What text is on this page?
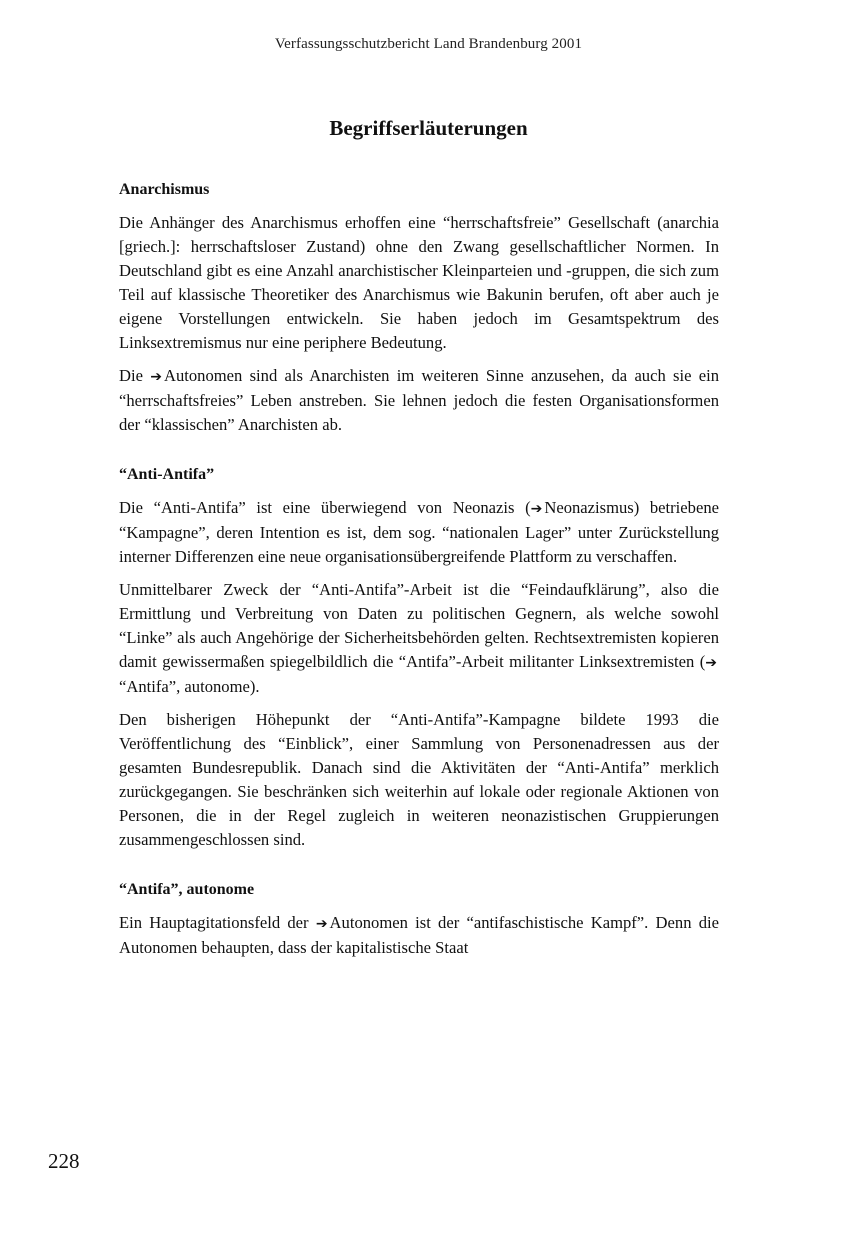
Verfassungsschutzbericht Land Brandenburg 2001
Begriffserläuterungen
Anarchismus

Die Anhänger des Anarchismus erhoffen eine “herrschaftsfreie” Gesellschaft (anarchia [griech.]: herrschaftsloser Zustand) ohne den Zwang gesellschaftlicher Normen. In Deutschland gibt es eine Anzahl anarchistischer Kleinparteien und -gruppen, die sich zum Teil auf klassische Theoretiker des Anarchismus wie Bakunin berufen, oft aber auch je eigene Vorstellungen entwickeln. Sie haben jedoch im Gesamtspektrum des Linksextremismus nur eine periphere Bedeutung.

Die ➔ Autonomen sind als Anarchisten im weiteren Sinne anzusehen, da auch sie ein “herrschaftsfreies” Leben anstreben. Sie lehnen jedoch die festen Organisationsformen der “klassischen” Anarchisten ab.

“Anti-Antifa”

Die “Anti-Antifa” ist eine überwiegend von Neonazis (➔ Neonazismus) betriebene “Kampagne”, deren Intention es ist, dem sog. “nationalen Lager” unter Zurückstellung interner Differenzen eine neue organisationsübergreifende Plattform zu verschaffen.

Unmittelbarer Zweck der “Anti-Antifa”-Arbeit ist die “Feindaufklärung”, also die Ermittlung und Verbreitung von Daten zu politischen Gegnern, als welche sowohl “Linke” als auch Angehörige der Sicherheitsbehörden gelten. Rechtsextremisten kopieren damit gewissermaßen spiegelbildlich die “Antifa”-Arbeit militanter Linksextremisten (➔“Antifa”, autonome).

Den bisherigen Höhepunkt der “Anti-Antifa”-Kampagne bildete 1993 die Veröffentlichung des “Einblick”, einer Sammlung von Personenadressen aus der gesamten Bundesrepublik. Danach sind die Aktivitäten der “Anti-Antifa” merklich zurückgegangen. Sie beschränken sich weiterhin auf lokale oder regionale Aktionen von Personen, die in der Regel zugleich in weiteren neonazistischen Gruppierungen zusammengeschlossen sind.

“Antifa”, autonome

Ein Hauptagitationsfeld der ➔ Autonomen ist der “antifaschistische Kampf”. Denn die Autonomen behaupten, dass der kapitalistische Staat

228
